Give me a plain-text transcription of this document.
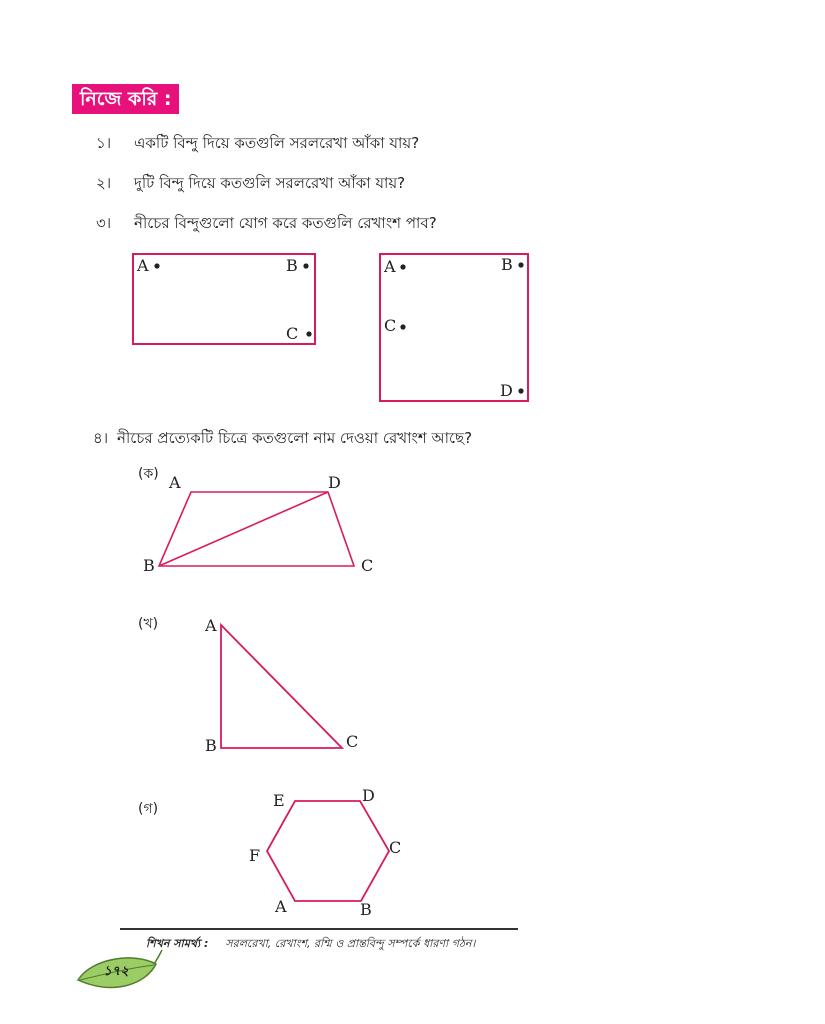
নিজে করি :
১। একটি বিন্দু দিয়ে কতগুলি সরলরেখা আঁকা যায়?
২। দুটি বিন্দু দিয়ে কতগুলি সরলরেখা আঁকা যায়?
৩। নীচের বিন্দুগুলো যোগ করে কতগুলি রেখাংশ পাব?
৪। নীচের প্রত্যেকটি চিত্রে কতগুলো নাম দেওয়া রেখাংশ আছে?
A	B
C
A	B
C
D
(ক) A	D
B	C
(খ)	A
B	C
(গ)	E	D
F	C
A	B
শিখন সামর্থ্য : সরলরেখা, রেখাংশ, রশ্মি ও প্রান্তবিন্দু সম্পর্কে ধারণা গঠন।
১৭২
